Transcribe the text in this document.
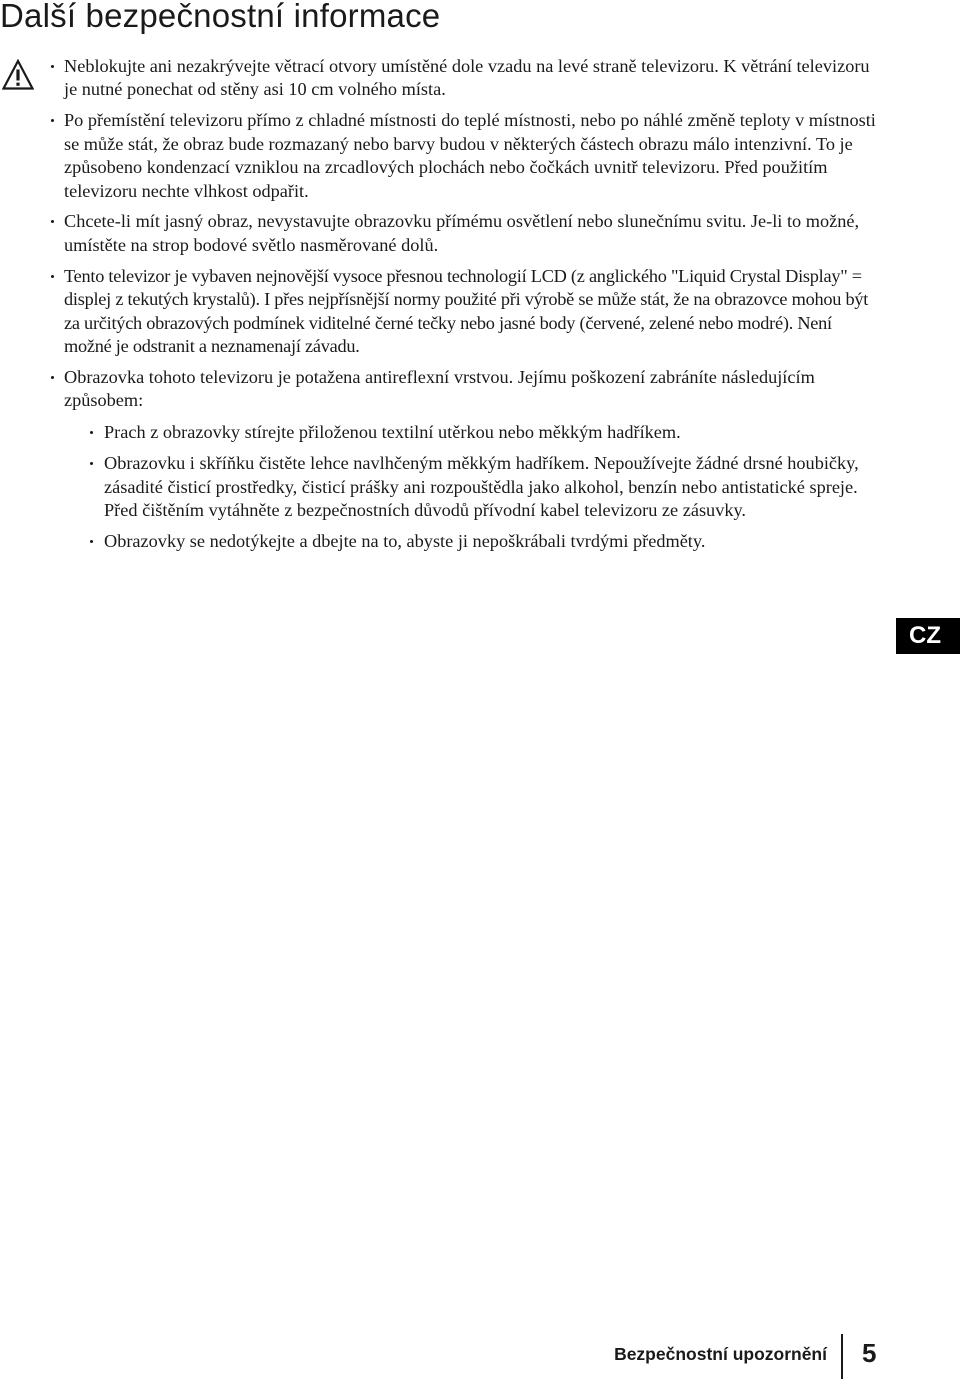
Další bezpečnostní informace
Neblokujte ani nezakrývejte větrací otvory umístěné dole vzadu na levé straně televizoru. K větrání televizoru je nutné ponechat od stěny asi 10 cm volného místa.
Po přemístění televizoru přímo z chladné místnosti do teplé místnosti, nebo po náhlé změně teploty v místnosti se může stát, že obraz bude rozmazaný nebo barvy budou v některých částech obrazu málo intenzivní. To je způsobeno kondenzací vzniklou na zrcadlových plochách nebo čočkách uvnitř televizoru. Před použitím televizoru nechte vlhkost odpařit.
Chcete-li mít jasný obraz, nevystavujte obrazovku přímému osvětlení nebo slunečnímu svitu. Je-li to možné, umístěte na strop bodové světlo nasměrované dolů.
Tento televizor je vybaven nejnovější vysoce přesnou technologií LCD (z anglického "Liquid Crystal Display" = displej z tekutých krystalů). I přes nejpřísnější normy použité při výrobě se může stát, že na obrazovce mohou být za určitých obrazových podmínek viditelné černé tečky nebo jasné body (červené, zelené nebo modré). Není možné je odstranit a neznamenají závadu.
Obrazovka tohoto televizoru je potažena antireflexní vrstvou. Jejímu poškození zabráníte následujícím způsobem:
Prach z obrazovky stírejte přiloženou textilní utěrkou nebo měkkým hadříkem.
Obrazovku i skříňku čistěte lehce navlhčeným měkkým hadříkem. Nepoužívejte žádné drsné houbičky, zásadité čisticí prostředky, čisticí prášky ani rozpouštědla jako alkohol, benzín nebo antistatické spreje. Před čištěním vytáhněte z bezpečnostních důvodů přívodní kabel televizoru ze zásuvky.
Obrazovky se nedotýkejte a dbejte na to, abyste ji nepoškrábali tvrdými předměty.
CZ
Bezpečnostní upozornění 5
